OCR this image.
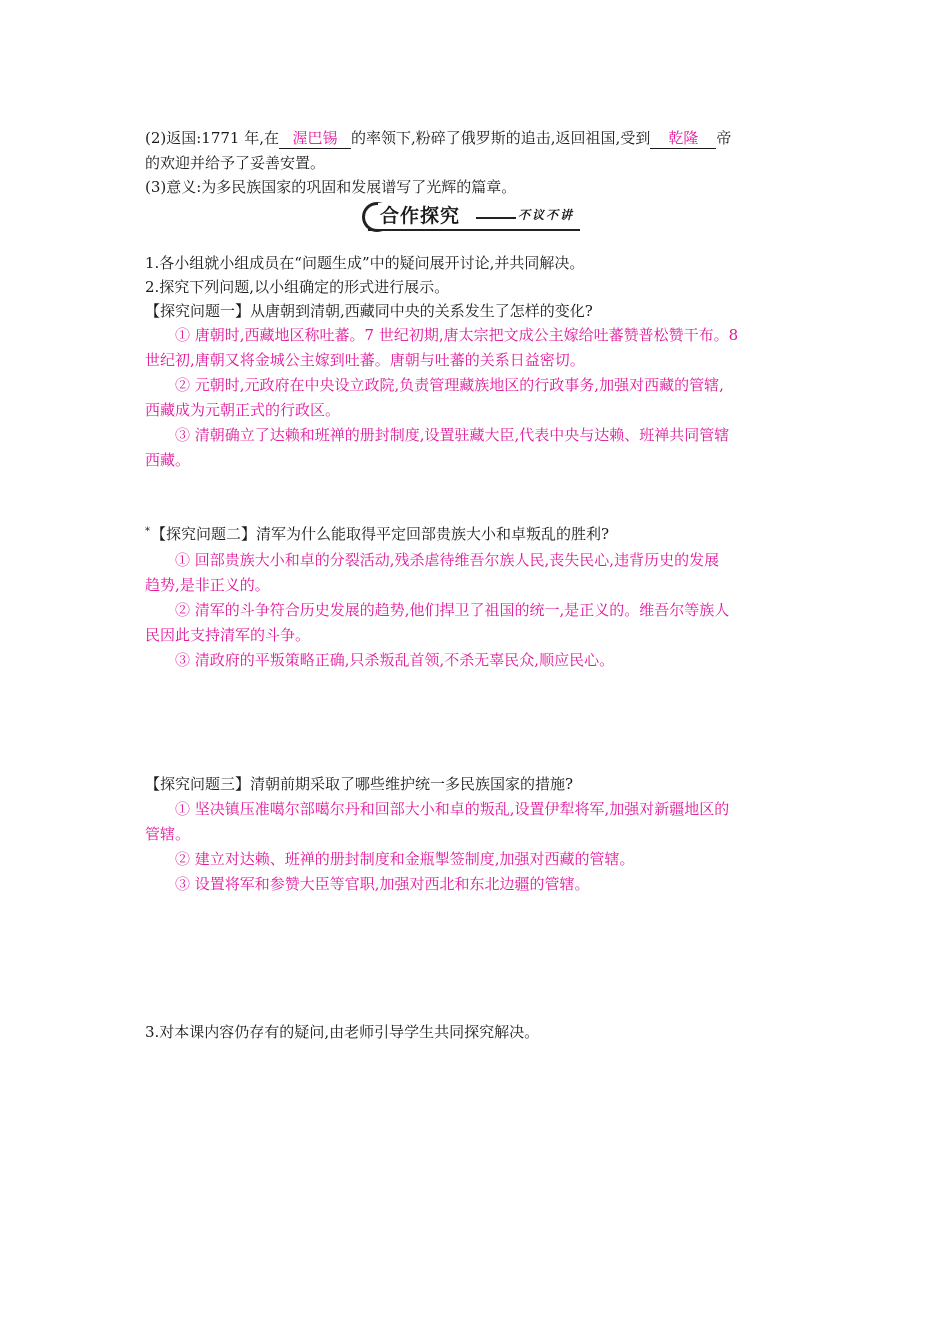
(2)返国:1771 年,在 渥巴锡 的率领下,粉碎了俄罗斯的追击,返回祖国,受到 乾隆 帝
的欢迎并给予了妥善安置。
(3)意义:为多民族国家的巩固和发展谱写了光辉的篇章。
合作探究	不议不讲
1.各小组就小组成员在“问题生成”中的疑问展开讨论,并共同解决。
2.探究下列问题,以小组确定的形式进行展示。
【探究问题一】从唐朝到清朝,西藏同中央的关系发生了怎样的变化?
① 唐朝时,西藏地区称吐蕃。7 世纪初期,唐太宗把文成公主嫁给吐蕃赞普松赞干布。8
世纪初,唐朝又将金城公主嫁到吐蕃。唐朝与吐蕃的关系日益密切。
② 元朝时,元政府在中央设立政院,负责管理藏族地区的行政事务,加强对西藏的管辖,
西藏成为元朝正式的行政区。
③ 清朝确立了达赖和班禅的册封制度,设置驻藏大臣,代表中央与达赖、班禅共同管辖
西藏。
*【探究问题二】清军为什么能取得平定回部贵族大小和卓叛乱的胜利?
① 回部贵族大小和卓的分裂活动,残杀虐待维吾尔族人民,丧失民心,违背历史的发展
趋势,是非正义的。
② 清军的斗争符合历史发展的趋势,他们捍卫了祖国的统一,是正义的。维吾尔等族人
民因此支持清军的斗争。
③ 清政府的平叛策略正确,只杀叛乱首领,不杀无辜民众,顺应民心。
【探究问题三】清朝前期采取了哪些维护统一多民族国家的措施?
① 坚决镇压准噶尔部噶尔丹和回部大小和卓的叛乱,设置伊犁将军,加强对新疆地区的
管辖。
② 建立对达赖、班禅的册封制度和金瓶掣签制度,加强对西藏的管辖。
③ 设置将军和参赞大臣等官职,加强对西北和东北边疆的管辖。
3.对本课内容仍存有的疑问,由老师引导学生共同探究解决。
